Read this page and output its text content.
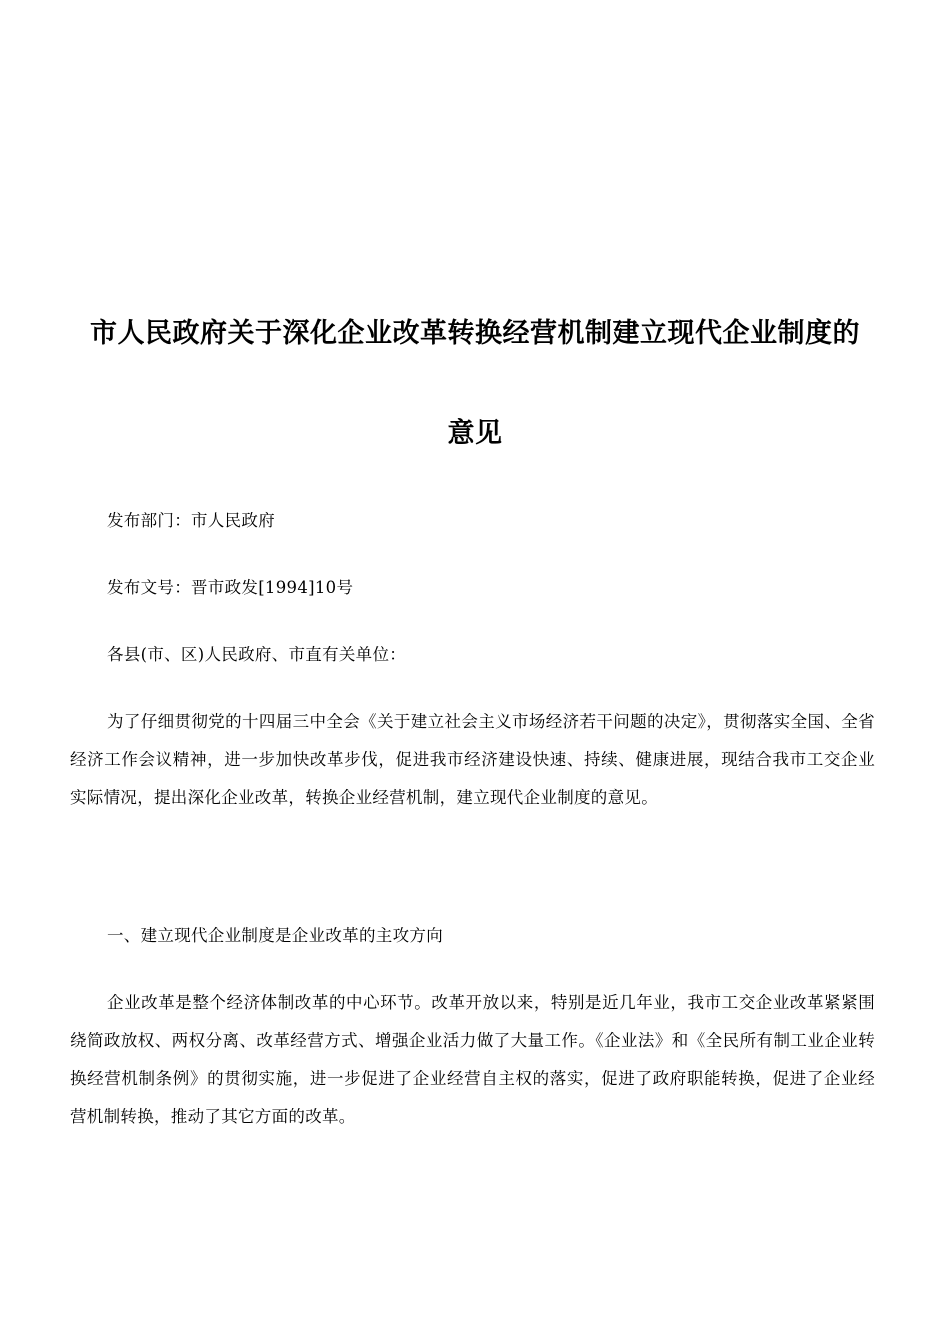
市人民政府关于深化企业改革转换经营机制建立现代企业制度的
意见

发布部门：市人民政府

发布文号：晋市政发[1994]10号

各县(市、区)人民政府、市直有关单位：

为了仔细贯彻党的十四届三中全会《关于建立社会主义市场经济若干问题的决定》，贯彻落实全国、全省经济工作会议精神，进一步加快改革步伐，促进我市经济建设快速、持续、健康进展，现结合我市工交企业实际情况，提出深化企业改革，转换企业经营机制，建立现代企业制度的意见。

一、建立现代企业制度是企业改革的主攻方向

企业改革是整个经济体制改革的中心环节。改革开放以来，特别是近几年业，我市工交企业改革紧紧围绕简政放权、两权分离、改革经营方式、增强企业活力做了大量工作。《企业法》和《全民所有制工业企业转换经营机制条例》的贯彻实施，进一步促进了企业经营自主权的落实，促进了政府职能转换，促进了企业经营机制转换，推动了其它方面的改革。
